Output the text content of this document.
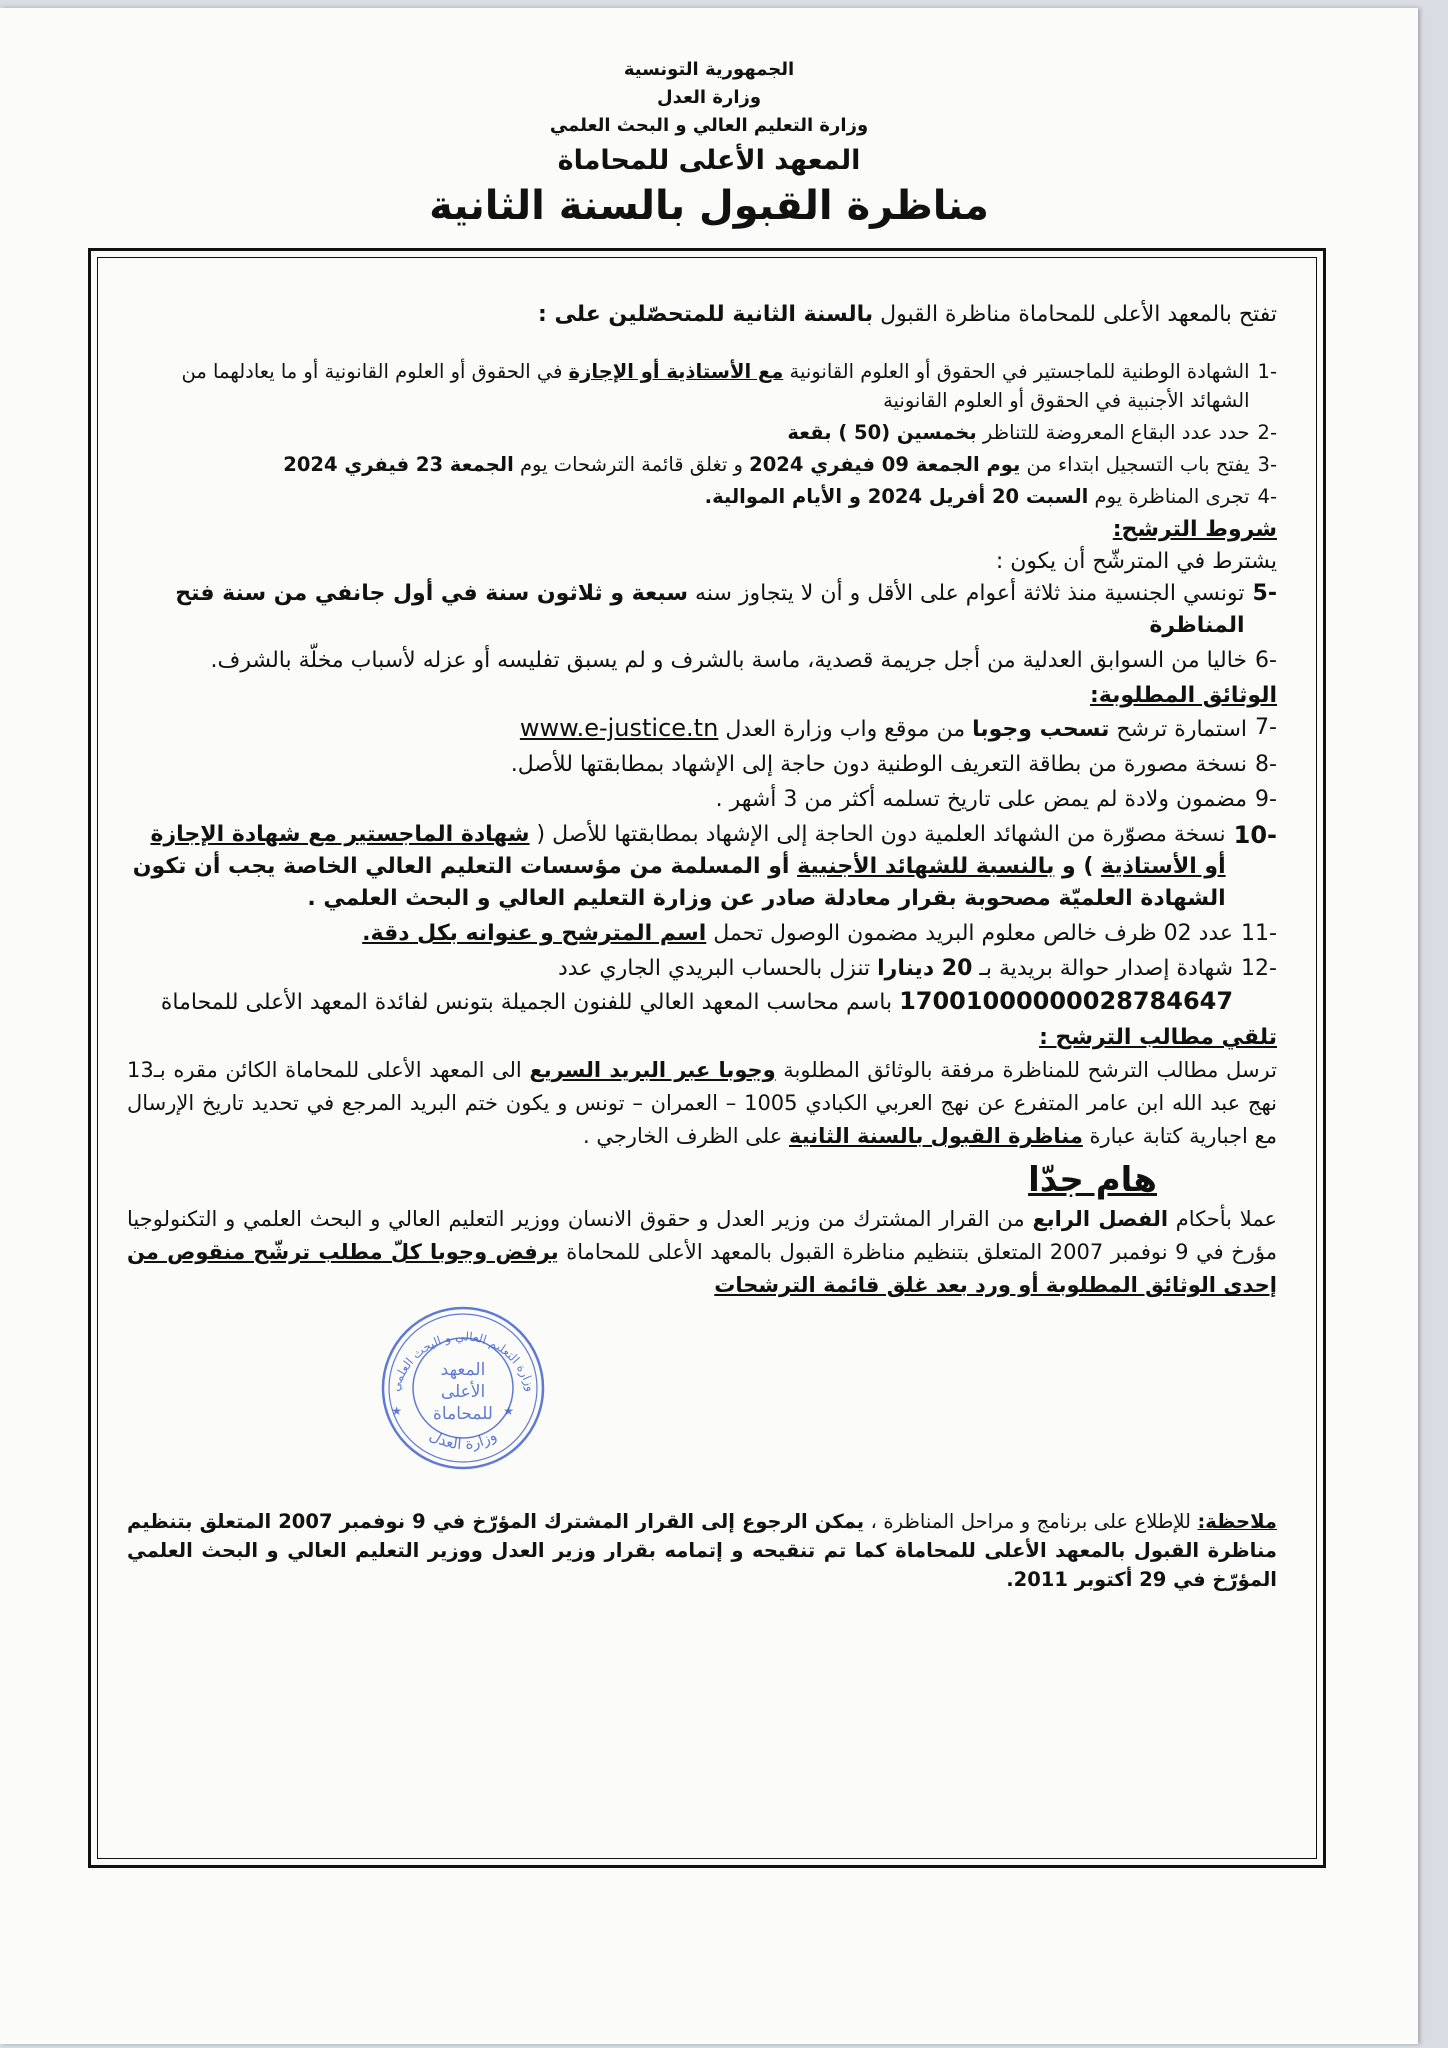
الجمهورية التونسية
وزارة العدل
وزارة التعليم العالي و البحث العلمي
المعهد الأعلى للمحاماة
مناظرة القبول بالسنة الثانية

تفتح بالمعهد الأعلى للمحاماة مناظرة القبول بالسنة الثانية للمتحصّلين على :

-1
الشهادة الوطنية للماجستير في الحقوق أو العلوم القانونية مع الأستاذية أو الإجازة في الحقوق أو العلوم القانونية أو ما يعادلهما من الشهائد الأجنبية في الحقوق أو العلوم القانونية
-2
حدد عدد البقاع المعروضة للتناظر بخمسين (50 ) بقعة
-3
يفتح باب التسجيل ابتداء من يوم الجمعة 09 فيفري 2024 و تغلق قائمة الترشحات يوم الجمعة 23 فيفري 2024
-4
تجرى المناظرة يوم السبت 20 أفريل 2024 و الأيام الموالية.

شروط الترشح:

يشترط في المترشّح أن يكون :

-5
تونسي الجنسية منذ ثلاثة أعوام على الأقل و أن لا يتجاوز سنه سبعة و ثلاثون سنة في أول جانفي من سنة فتح المناظرة
-6
خاليا من السوابق العدلية من أجل جريمة قصدية، ماسة بالشرف و لم يسبق تفليسه أو عزله لأسباب مخلّة بالشرف.

الوثائق المطلوبة:

-7
استمارة ترشح تسحب وجوبا من موقع واب وزارة العدل www.e-justice.tn
-8
نسخة مصورة من بطاقة التعريف الوطنية دون حاجة إلى الإشهاد بمطابقتها للأصل.
-9
مضمون ولادة لم يمض على تاريخ تسلمه أكثر من 3 أشهر .
-10
نسخة مصوّرة من الشهائد العلمية دون الحاجة إلى الإشهاد بمطابقتها للأصل ( شهادة الماجستير مع شهادة الإجازة أو الأستاذية ) و بالنسبة للشهائد الأجنبية أو المسلمة من مؤسسات التعليم العالي الخاصة يجب أن تكون الشهادة العلميّة مصحوبة بقرار معادلة صادر عن وزارة التعليم العالي و البحث العلمي .
-11
عدد 02 ظرف خالص معلوم البريد مضمون الوصول تحمل اسم المترشح و عنوانه بكل دقة.
-12
شهادة إصدار حوالة بريدية بـ 20 دينارا تنزل بالحساب البريدي الجاري عدد
17001000000028784647 باسم محاسب المعهد العالي للفنون الجميلة بتونس لفائدة المعهد الأعلى للمحاماة

تلقي مطالب الترشح :

ترسل مطالب الترشح للمناظرة مرفقة بالوثائق المطلوبة وجوبا عبر البريد السريع الى المعهد الأعلى للمحاماة الكائن مقره بـ13 نهج عبد الله ابن عامر المتفرع عن نهج العربي الكبادي 1005 – العمران – تونس و يكون ختم البريد المرجع في تحديد تاريخ الإرسال مع اجبارية كتابة عبارة مناظرة القبول بالسنة الثانية على الظرف الخارجي .

هام جدّا

عملا بأحكام الفصل الرابع من القرار المشترك من وزير العدل و حقوق الانسان ووزير التعليم العالي و البحث العلمي و التكنولوجيا مؤرخ في 9 نوفمبر 2007 المتعلق بتنظيم مناظرة القبول بالمعهد الأعلى للمحاماة يرفض وجوبا كلّ مطلب ترشّح منقوص من إحدى الوثائق المطلوبة أو ورد بعد غلق قائمة الترشحات

ملاحظة: للإطلاع على برنامج و مراحل المناظرة ، يمكن الرجوع إلى القرار المشترك المؤرّخ في 9 نوفمبر 2007 المتعلق بتنظيم مناظرة القبول بالمعهد الأعلى للمحاماة كما تم تنقيحه و إتمامه بقرار وزير العدل ووزير التعليم العالي و البحث العلمي المؤرّخ في 29 أكتوبر 2011.

وزارة التعليم العالي و البحث العلمي
وزارة العدل
المعهد
الأعلى
للمحاماة
★	★
